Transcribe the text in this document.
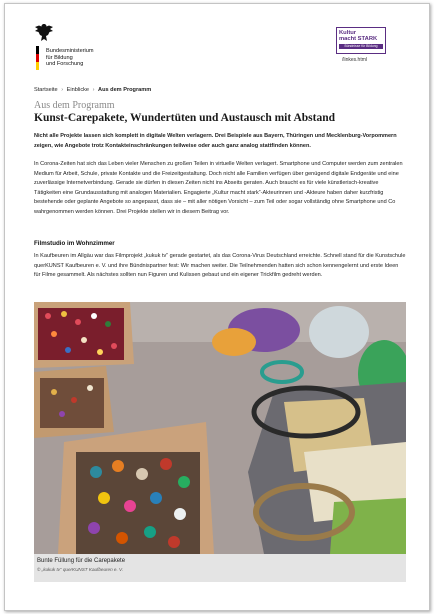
Bundesministerium
für Bildung
und Forschung
Kultur
macht STARK
Bündnisse für Bildung
/linkes.html
Startseite › Einblicke › Aus dem Programm
Aus dem Programm
Kunst-Carepakete, Wundertüten und Austausch mit Abstand

Nicht alle Projekte lassen sich komplett in digitale Welten verlagern. Drei Beispiele aus Bayern, Thüringen und Mecklenburg-Vorpommern zeigen, wie Angebote trotz Kontakteinschränkungen teilweise oder auch ganz analog stattfinden können.

In Corona-Zeiten hat sich das Leben vieler Menschen zu großen Teilen in virtuelle Welten verlagert. Smartphone und Computer werden zum zentralen Medium für Arbeit, Schule, private Kontakte und die Freizeitgestaltung. Doch nicht alle Familien verfügen über genügend digitale Endgeräte und eine zuverlässige Internetverbindung. Gerade sie dürfen in diesen Zeiten nicht ins Abseits geraten. Auch braucht es für viele künstlerisch-kreative Tätigkeiten eine Grundausstattung mit analogen Materialien. Engagierte „Kultur macht stark“-Akteurinnen und -Akteure haben daher kurzfristig bestehende oder geplante Angebote so angepasst, dass sie – mit aller nötigen Vorsicht – zum Teil oder sogar vollständig ohne Smartphone und Co wahrgenommen werden können. Drei Projekte stellen wir in diesem Beitrag vor.

Filmstudio im Wohnzimmer

In Kaufbeuren im Allgäu war das Filmprojekt „kukuk tv“ gerade gestartet, als das Corona-Virus Deutschland erreichte. Schnell stand für die Kunstschule querKUNST Kaufbeuren e. V. und ihre Bündnispartner fest: Wir machen weiter. Die Teilnehmenden hatten sich schon kennengelernt und erste Ideen für Filme gesammelt. Als nächstes sollten nun Figuren und Kulissen gebaut und ein eigener Trickfilm gedreht werden.

Bunte Füllung für die Carepakete
© „kukuk tv“ querKUNST Kaufbeuren e. V.
